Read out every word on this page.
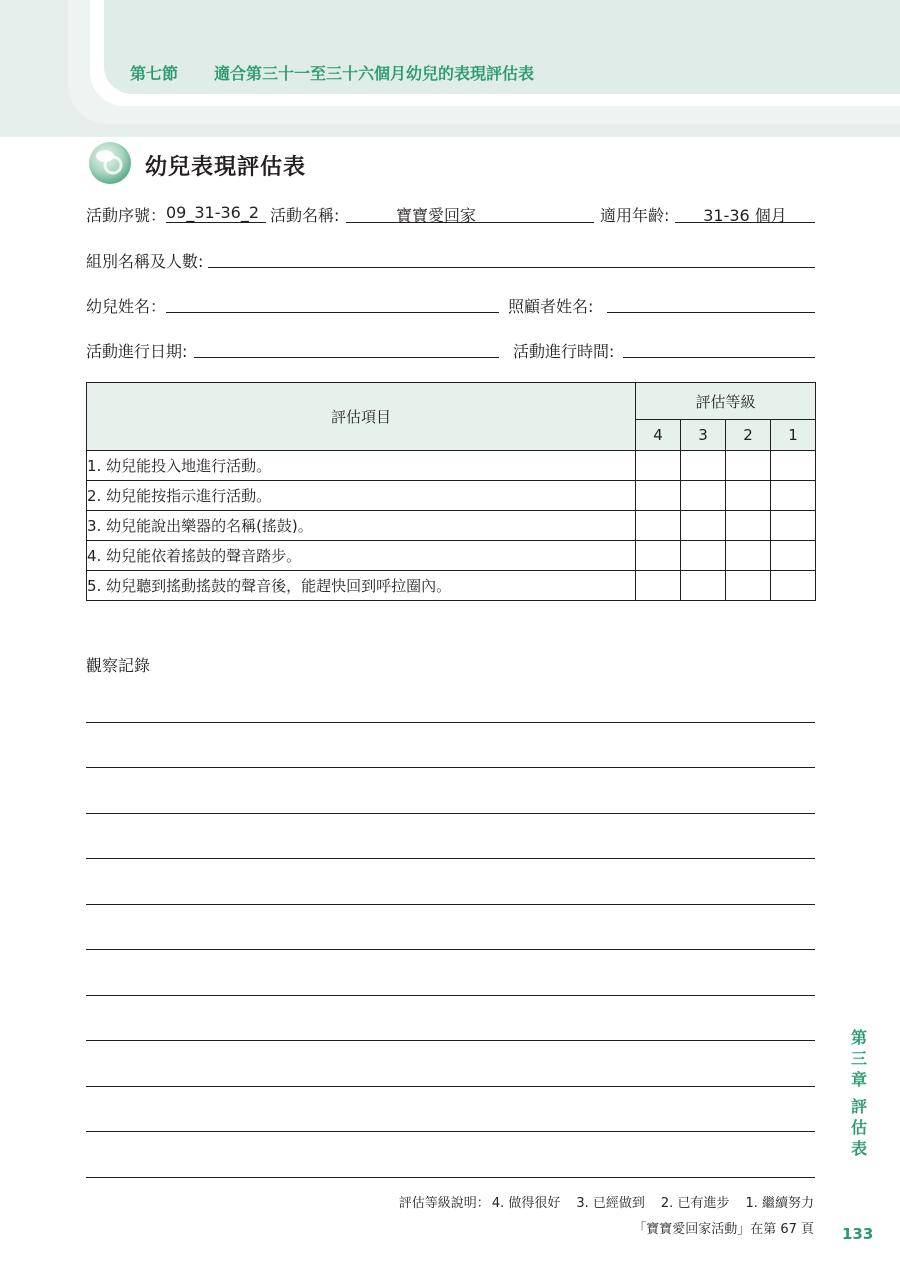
第七節 適合第三十一至三十六個月幼兒的表現評估表
幼兒表現評估表
活動序號： 09_31-36_2 活動名稱:	寶寶愛回家	適用年齡:	31-36 個月
組別名稱及人數:
幼兒姓名：	照顧者姓名:
活動進行日期:	活動進行時間:
評估項目	評估等級			
	4	3	2	1
1. 幼兒能投入地進行活動。				
2. 幼兒能按指示進行活動。				
3. 幼兒能說出樂器的名稱(搖鼓)。				
4. 幼兒能依着搖鼓的聲音踏步。				
5. 幼兒聽到搖動搖鼓的聲音後，能趕快回到呼拉圈內。				
觀察記錄
第三章
評估表
評估等級說明： 4. 做得很好 3. 已經做到 2. 已有進步 1. 繼續努力
「寶寶愛回家活動」在第 67 頁 133
